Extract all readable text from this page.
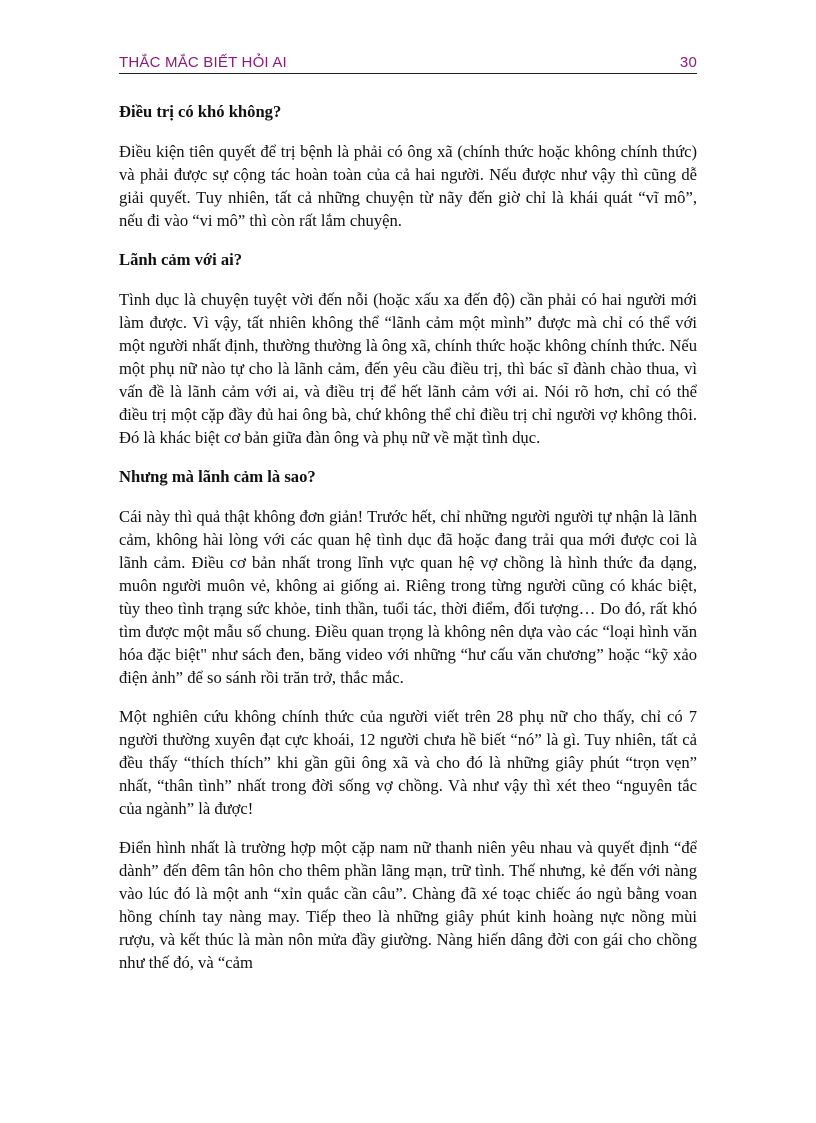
THẮC MẮC BIẾT HỎI AI	30

Điều trị có khó không?

Điều kiện tiên quyết để trị bệnh là phải có ông xã (chính thức hoặc không chính thức) và phải được sự cộng tác hoàn toàn của cả hai người. Nếu được như vậy thì cũng dễ giải quyết. Tuy nhiên, tất cả những chuyện từ nãy đến giờ chỉ là khái quát “vĩ mô”, nếu đi vào “vi mô” thì còn rất lắm chuyện.

Lãnh cảm với ai?

Tình dục là chuyện tuyệt vời đến nỗi (hoặc xấu xa đến độ) cần phải có hai người mới làm được. Vì vậy, tất nhiên không thể “lãnh cảm một mình” được mà chỉ có thể với một người nhất định, thường thường là ông xã, chính thức hoặc không chính thức. Nếu một phụ nữ nào tự cho là lãnh cảm, đến yêu cầu điều trị, thì bác sĩ đành chào thua, vì vấn đề là lãnh cảm với ai, và điều trị để hết lãnh cảm với ai. Nói rõ hơn, chỉ có thể điều trị một cặp đầy đủ hai ông bà, chứ không thể chỉ điều trị chỉ người vợ không thôi. Đó là khác biệt cơ bản giữa đàn ông và phụ nữ về mặt tình dục.

Nhưng mà lãnh cảm là sao?

Cái này thì quả thật không đơn giản! Trước hết, chỉ những người người tự nhận là lãnh cảm, không hài lòng với các quan hệ tình dục đã hoặc đang trải qua mới được coi là lãnh cảm. Điều cơ bản nhất trong lĩnh vực quan hệ vợ chồng là hình thức đa dạng, muôn người muôn vẻ, không ai giống ai. Riêng trong từng người cũng có khác biệt, tùy theo tình trạng sức khỏe, tinh thần, tuổi tác, thời điểm, đối tượng… Do đó, rất khó tìm được một mẫu số chung. Điều quan trọng là không nên dựa vào các “loại hình văn hóa đặc biệt" như sách đen, băng video với những “hư cấu văn chương” hoặc “kỹ xảo điện ảnh” để so sánh rồi trăn trở, thắc mắc.

Một nghiên cứu không chính thức của người viết trên 28 phụ nữ cho thấy, chỉ có 7 người thường xuyên đạt cực khoái, 12 người chưa hề biết “nó” là gì. Tuy nhiên, tất cả đều thấy “thích thích” khi gần gũi ông xã và cho đó là những giây phút “trọn vẹn” nhất, “thân tình” nhất trong đời sống vợ chồng. Và như vậy thì xét theo “nguyên tắc của ngành” là được!

Điển hình nhất là trường hợp một cặp nam nữ thanh niên yêu nhau và quyết định “để dành” đến đêm tân hôn cho thêm phần lãng mạn, trữ tình. Thế nhưng, kẻ đến với nàng vào lúc đó là một anh “xỉn quắc cần câu”. Chàng đã xé toạc chiếc áo ngủ bằng voan hồng chính tay nàng may. Tiếp theo là những giây phút kinh hoàng nực nồng mùi rượu, và kết thúc là màn nôn mửa đầy giường. Nàng hiến dâng đời con gái cho chồng như thế đó, và “cảm
